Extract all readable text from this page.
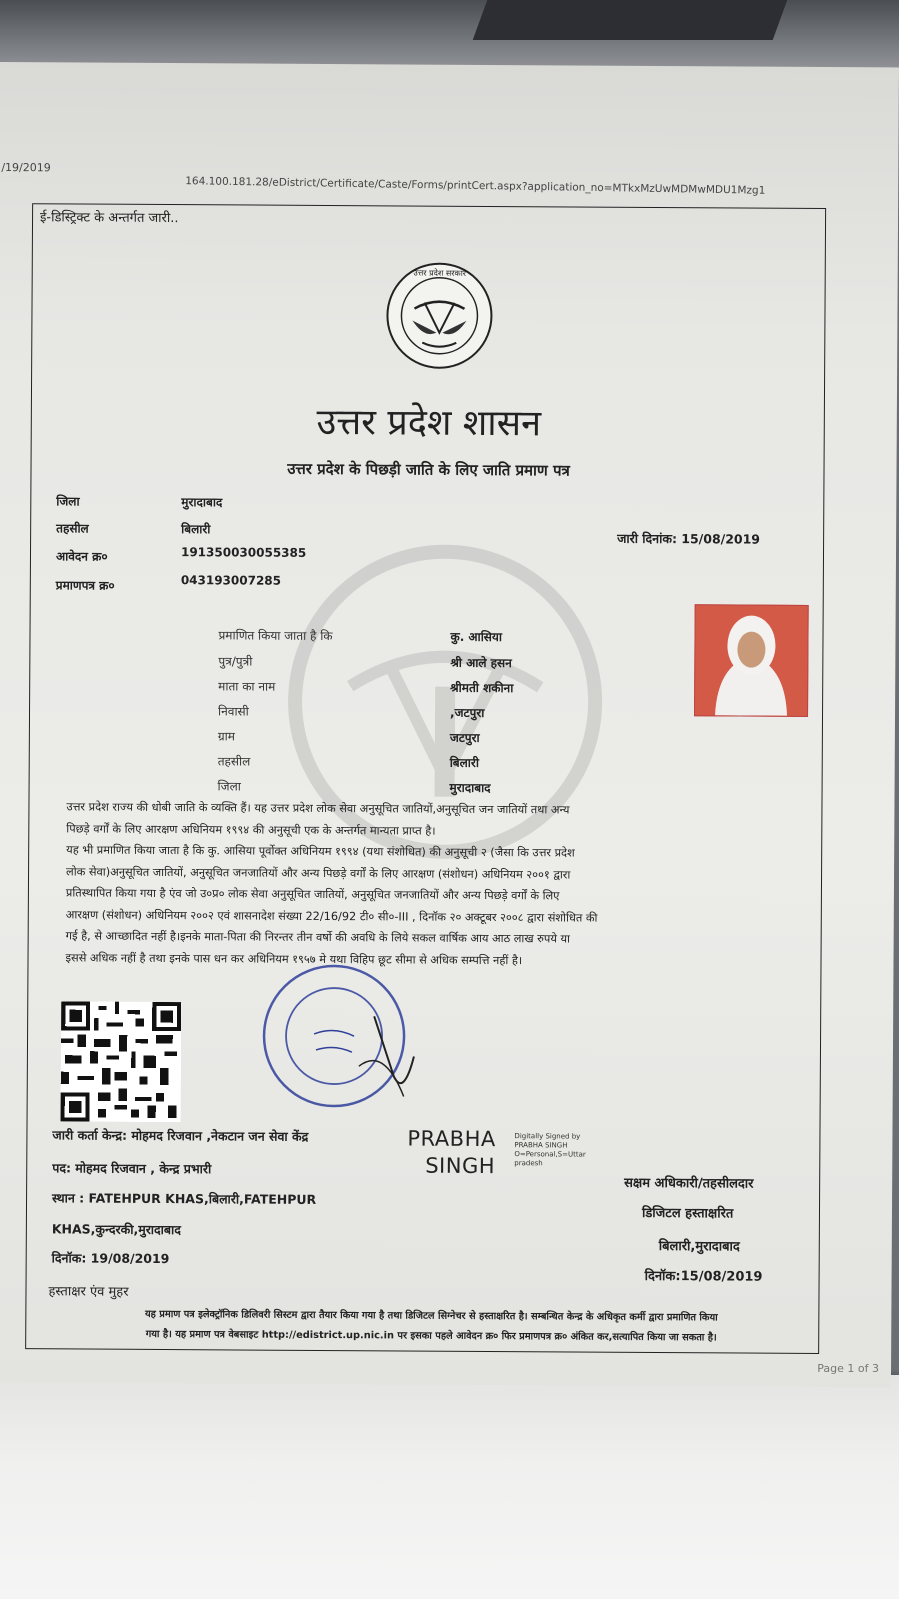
/19/2019
164.100.181.28/eDistrict/Certificate/Caste/Forms/printCert.aspx?application_no=MTkxMzUwMDMwMDU1Mzg1
ई-डिस्ट्रिक्ट के अन्तर्गत जारी..
उत्तर प्रदेश सरकार
उत्तर प्रदेश शासन
उत्तर प्रदेश के पिछड़ी जाति के लिए जाति प्रमाण पत्र
जिला	मुरादाबाद
तहसील	बिलारी
आवेदन क्र०	191350030055385
प्रमाणपत्र क्र०	043193007285
जारी दिनांक: 15/08/2019
प्रमाणित किया जाता है कि	कु. आसिया
पुत्र/पुत्री	श्री आले हसन
माता का नाम	श्रीमती शकीना
निवासी	,जटपुरा
ग्राम	जटपुरा
तहसील	बिलारी
जिला	मुरादाबाद
उत्तर प्रदेश राज्य की धोबी जाति के व्यक्ति हैं। यह उत्तर प्रदेश लोक सेवा अनुसूचित जातियों,अनुसूचित जन जातियों तथा अन्य
पिछड़े वर्गों के लिए आरक्षण अधिनियम १९९४ की अनुसूची एक के अन्तर्गत मान्यता प्राप्त है।
यह भी प्रमाणित किया जाता है कि कु. आसिया पूर्वोक्त अधिनियम १९९४ (यथा संशोधित) की अनुसूची २ (जैसा कि उत्तर प्रदेश
लोक सेवा)अनुसूचित जातियों, अनुसूचित जनजातियों और अन्य पिछड़े वर्गों के लिए आरक्षण (संशोधन) अधिनियम २००१ द्वारा
प्रतिस्थापित किया गया है एंव जो उ०प्र० लोक सेवा अनुसूचित जातियों, अनुसूचित जनजातियों और अन्य पिछड़े वर्गों के लिए
आरक्षण (संशोधन) अधिनियम २००२ एवं शासनादेश संख्या 22/16/92 टी० सी०-III , दिनॉक २० अक्टूबर २००८ द्वारा संशोधित की
गई है, से आच्छादित नहीं है।इनके माता-पिता की निरन्तर तीन वर्षो की अवधि के लिये सकल वार्षिक आय आठ लाख रुपये या
इससे अधिक नहीं है तथा इनके पास धन कर अधिनियम १९५७ मे यथा विहिप छूट सीमा से अधिक सम्पत्ति नहीं है।
जारी कर्ता केन्द्र: मोहमद रिजवान ,नेकटान जन सेवा केंद्र
पद: मोहमद रिजवान , केन्द्र प्रभारी
स्थान : FATEHPUR KHAS,बिलारी,FATEHPUR
KHAS,कुन्दरकी,मुरादाबाद
दिनॉक: 19/08/2019
हस्ताक्षर एंव मुहर
PRABHA
SINGH
Digitally Signed by
PRABHA SINGH
O=Personal,S=Uttar
pradesh
सक्षम अधिकारी/तहसीलदार
डिजिटल हस्ताक्षरित
बिलारी,मुरादाबाद
दिनॉक:15/08/2019
यह प्रमाण पत्र इलेक्ट्रॉनिक डिलिवरी सिस्टम द्वारा तैयार किया गया है तथा डिजिटल सिग्नेचर से हस्ताक्षरित है। सम्बन्धित केन्द्र के अधिकृत कर्मी द्वारा प्रमाणित किया
गया है। यह प्रमाण पत्र वेबसाइट http://edistrict.up.nic.in पर इसका पहले आवेदन क्र० फिर प्रमाणपत्र क्र० अंकित कर,सत्यापित किया जा सकता है।
Page 1 of 3
